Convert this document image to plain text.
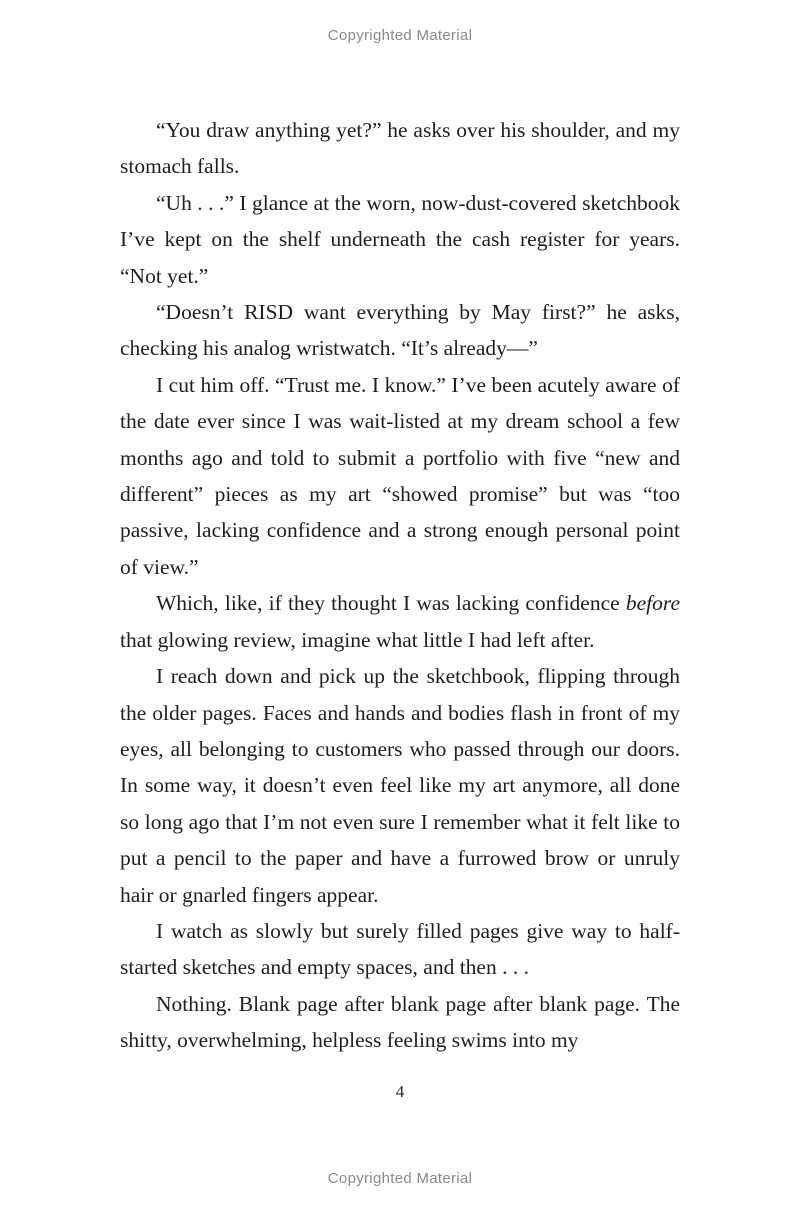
Copyrighted Material

“You draw anything yet?” he asks over his shoulder, and my stomach falls.

“Uh . . .” I glance at the worn, now-dust-covered sketchbook I’ve kept on the shelf underneath the cash register for years. “Not yet.”

“Doesn’t RISD want everything by May first?” he asks, checking his analog wristwatch. “It’s already—”

I cut him off. “Trust me. I know.” I’ve been acutely aware of the date ever since I was wait-listed at my dream school a few months ago and told to submit a portfolio with five “new and different” pieces as my art “showed promise” but was “too passive, lacking confidence and a strong enough personal point of view.”

Which, like, if they thought I was lacking confidence before that glowing review, imagine what little I had left after.

I reach down and pick up the sketchbook, flipping through the older pages. Faces and hands and bodies flash in front of my eyes, all belonging to customers who passed through our doors. In some way, it doesn’t even feel like my art anymore, all done so long ago that I’m not even sure I remember what it felt like to put a pencil to the paper and have a furrowed brow or unruly hair or gnarled fingers appear.

I watch as slowly but surely filled pages give way to half-started sketches and empty spaces, and then . . .

Nothing. Blank page after blank page after blank page. The shitty, overwhelming, helpless feeling swims into my

4
Copyrighted Material
